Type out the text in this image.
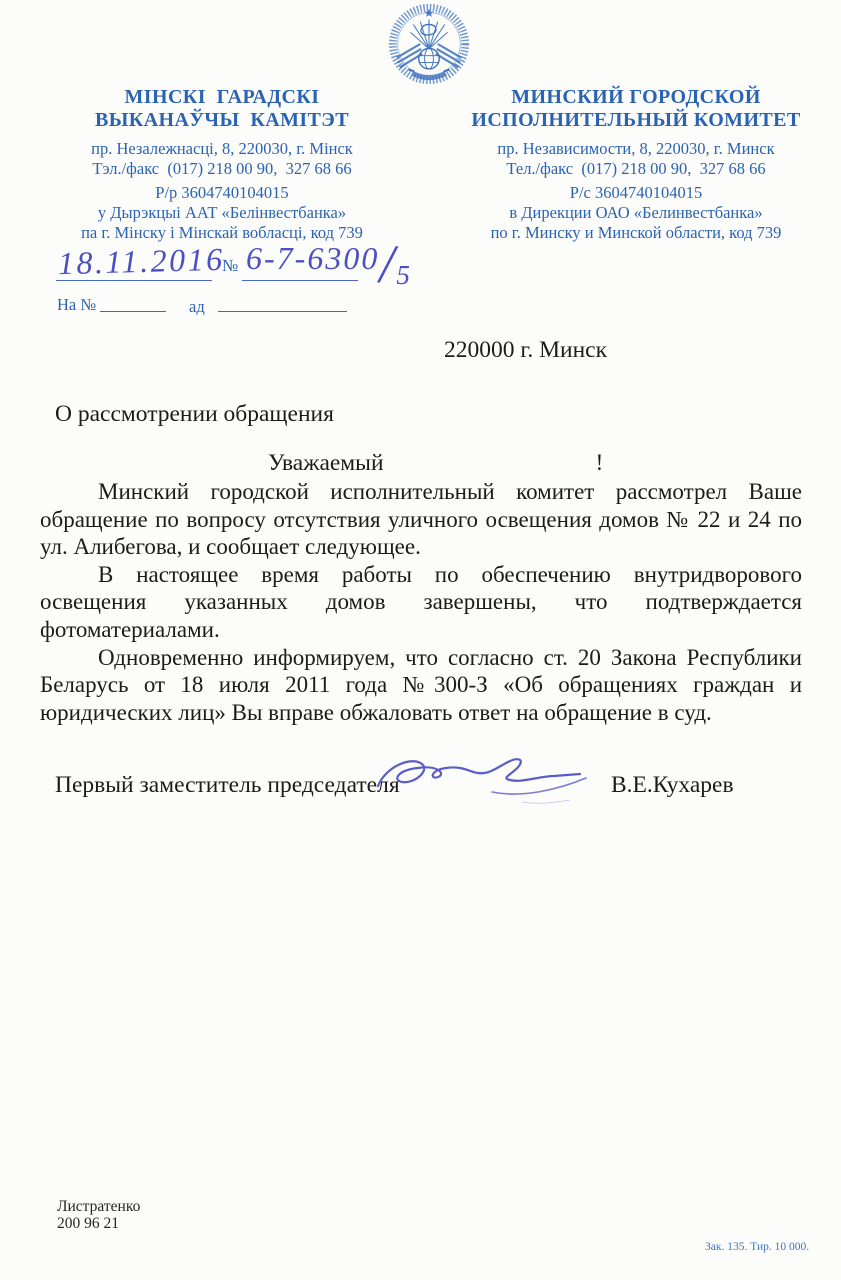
МІНСКІ  ГАРАДСКІ
ВЫКАНАЎЧЫ  КАМІТЭТ
пр. Незалежнасці, 8, 220030, г. Мінск
Тэл./факс  (017) 218 00 90,  327 68 66
Р/р 3604740104015
у Дырэкцыі ААТ «Белінвестбанка»
па г. Мінску і Мінскай вобласці, код 739
МИНСКИЙ ГОРОДСКОЙ
ИСПОЛНИТЕЛЬНЫЙ КОМИТЕТ
пр. Независимости, 8, 220030, г. Минск
Тел./факс  (017) 218 00 90,  327 68 66
Р/с 3604740104015
в Дирекции ОАО «Белинвестбанка»
по г. Минску и Минской области, код 739
18.11.2016
№ $6-7-6300/_5$
На №	ад
220000 г. Минск
О рассмотрении обращения
Уважаемый	!

Минский городской исполнительный комитет рассмотрел Ваше обращение по вопросу отсутствия уличного освещения домов № 22 и 24 по ул. Алибегова, и сообщает следующее.

В настоящее время работы по обеспечению внутридворового освещения указанных домов завершены, что подтверждается фотоматериалами.

Одновременно информируем, что согласно ст. 20 Закона Республики Беларусь от 18 июля 2011 года №300-З «Об обращениях граждан и юридических лиц» Вы вправе обжаловать ответ на обращение в суд.

Первый заместитель председателя	В.Е.Кухарев
Листратенко
200 96 21
Зак. 135. Тир. 10 000.
